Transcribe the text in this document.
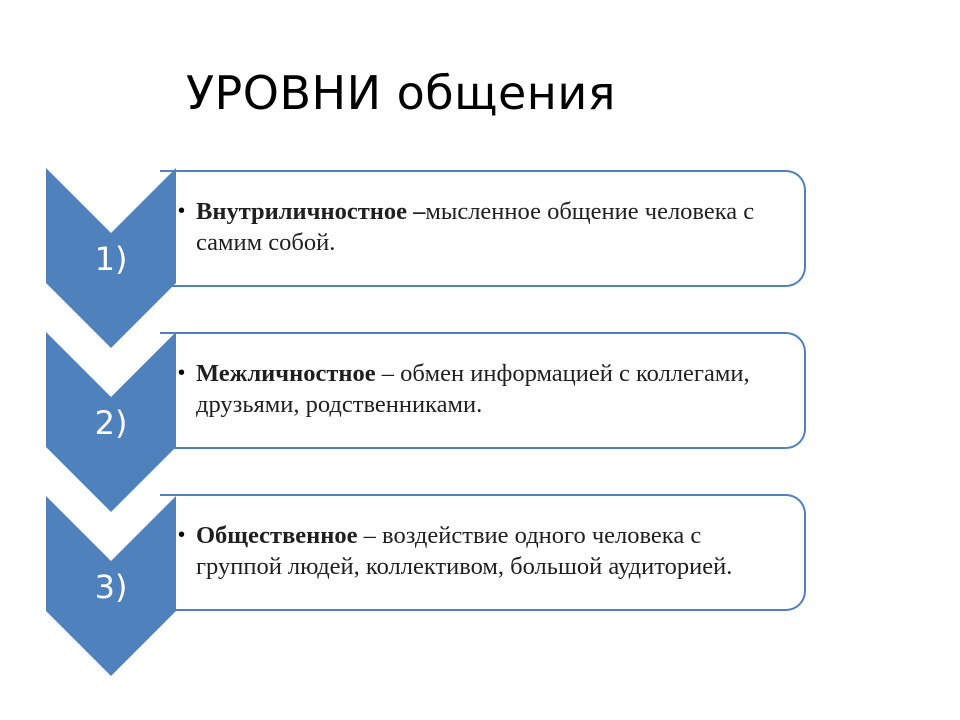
УРОВНИ общения
• Внутриличностное –мысленное общение человека с самим собой.
1)
• Межличностное – обмен информацией с коллегами, друзьями, родственниками.
2)
• Общественное – воздействие одного человека с группой людей, коллективом, большой аудиторией.
3)
